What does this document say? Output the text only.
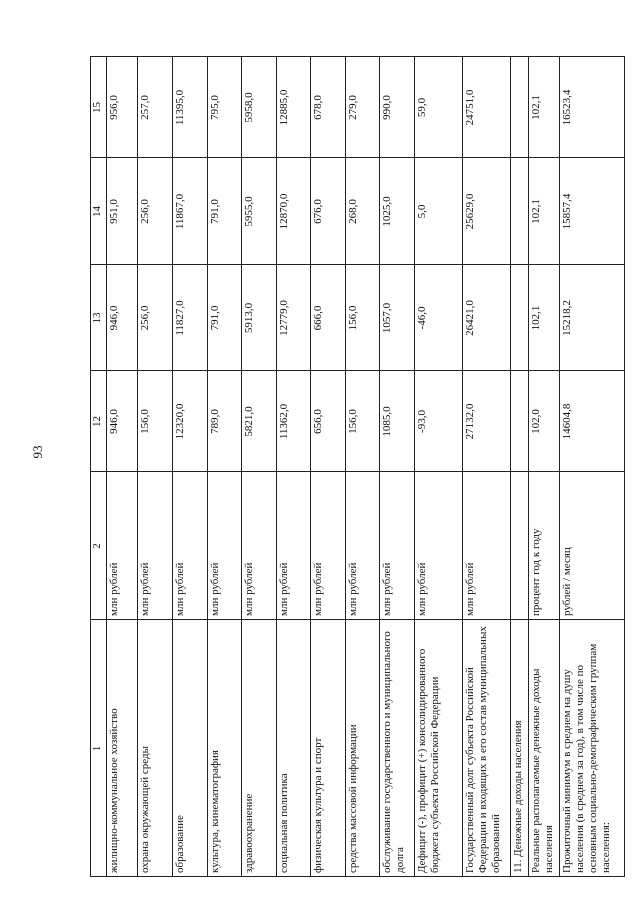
93
1	2	12	13	14	15
жилищно-коммунальное хозяйство	млн рублей	946,0	946,0	951,0	956,0
охрана окружающей среды	млн рублей	156,0	256,0	256,0	257,0
образование	млн рублей	12320,0	11827,0	11867,0	11395,0
культура, кинематография	млн рублей	789,0	791,0	791,0	795,0
здравоохранение	млн рублей	5821,0	5913,0	5955,0	5958,0
социальная политика	млн рублей	11362,0	12779,0	12870,0	12885,0
физическая культура и спорт	млн рублей	656,0	666,0	676,0	678,0
средства массовой информации	млн рублей	156,0	156,0	268,0	279,0
обслуживание государственного и муниципального долга	млн рублей	1085,0	1057,0	1025,0	990,0
Дефицит (-), профицит (+) консолидированного бюджета субъекта Российской Федерации	млн рублей	-93,0	-46,0	5,0	59,0
Государственный долг субъекта Российской Федерации и входящих в его состав муниципальных образований	млн рублей	27132,0	26421,0	25629,0	24751,0
11. Денежные доходы населения					
Реальные располагаемые денежные доходы населения	процент год к году	102,0	102,1	102,1	102,1
Прожиточный минимум в среднем на душу населения (в среднем за год), в том числе по основным социально-демографическим группам населения:	рублей / месяц	14604,8	15218,2	15857,4	16523,4
